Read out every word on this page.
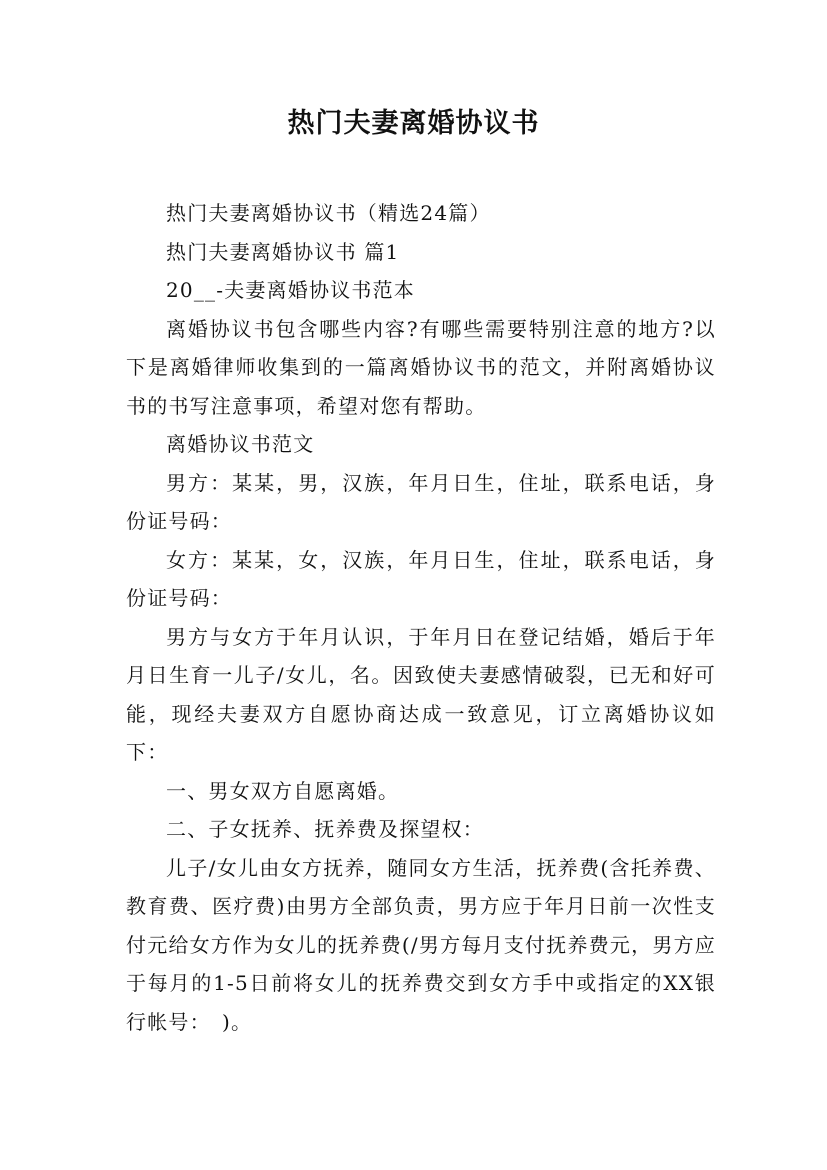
热门夫妻离婚协议书

热门夫妻离婚协议书（精选24篇）

热门夫妻离婚协议书 篇1

20__-夫妻离婚协议书范本

离婚协议书包含哪些内容?有哪些需要特别注意的地方?以下是离婚律师收集到的一篇离婚协议书的范文，并附离婚协议书的书写注意事项，希望对您有帮助。

离婚协议书范文

男方：某某，男，汉族，年月日生，住址，联系电话，身份证号码：

女方：某某，女，汉族，年月日生，住址，联系电话，身份证号码：

男方与女方于年月认识，于年月日在登记结婚，婚后于年月日生育一儿子/女儿，名。因致使夫妻感情破裂，已无和好可能，现经夫妻双方自愿协商达成一致意见，订立离婚协议如下：

一、男女双方自愿离婚。

二、子女抚养、抚养费及探望权：

儿子/女儿由女方抚养，随同女方生活，抚养费(含托养费、教育费、医疗费)由男方全部负责，男方应于年月日前一次性支付元给女方作为女儿的抚养费(/男方每月支付抚养费元，男方应于每月的1-5日前将女儿的抚养费交到女方手中或指定的XX银行帐号：　)。
